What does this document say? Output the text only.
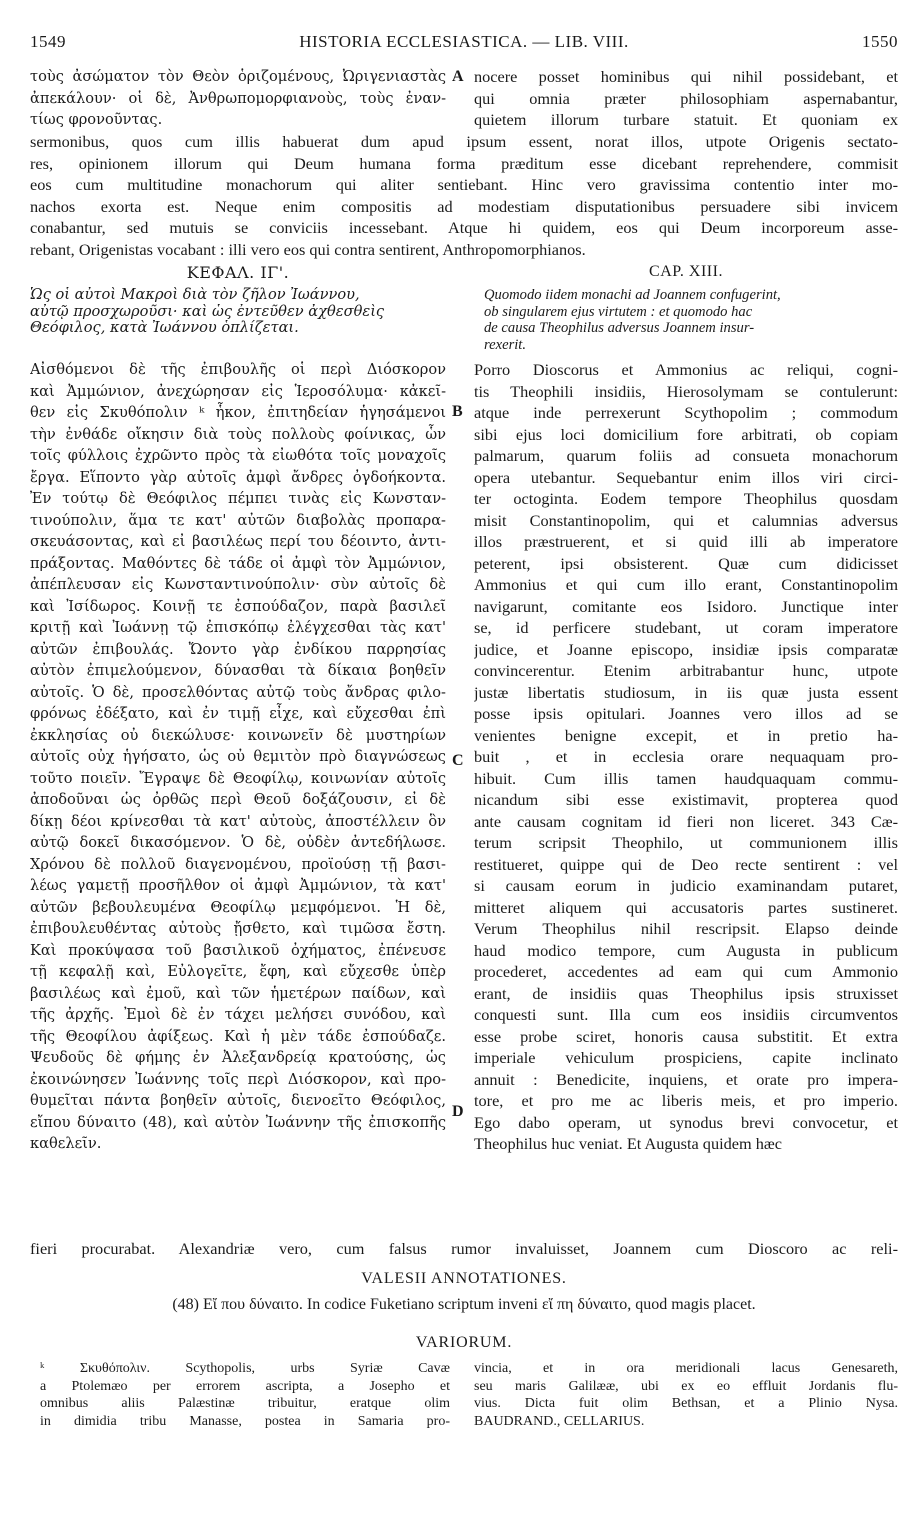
1549	HISTORIA ECCLESIASTICA. — LIB. VIII.	1550
τοὺς ἀσώματον τὸν Θεὸν ὁριζομένους, Ὠριγενιαστὰς
ἀπεκάλουν· οἱ δὲ, Ἀνθρωπομορφιανοὺς, τοὺς ἐναν-
τίως φρονοῦντας.
A nocere posset hominibus qui nihil possidebant, et
qui omnia præter philosophiam aspernabantur,
quietem illorum turbare statuit. Et quoniam ex
sermonibus, quos cum illis habuerat dum apud ipsum essent, norat illos, utpote Origenis sectato-
res, opinionem illorum qui Deum humana forma præditum esse dicebant reprehendere, commisit
eos cum multitudine monachorum qui aliter sentiebant. Hinc vero gravissima contentio inter mo-
nachos exorta est. Neque enim compositis ad modestiam disputationibus persuadere sibi invicem
conabantur, sed mutuis se conviciis incessebant. Atque hi quidem, eos qui Deum incorporeum asse-
rebant, Origenistas vocabant : illi vero eos qui contra sentirent, Anthropomorphianos.
ΚΕΦΑΛ. ΙΓ'.	CAP. XIII.
Ὡς οἱ αὐτοὶ Μακροὶ διὰ τὸν ζῆλον Ἰωάννου,
αὐτῷ προσχωροῦσι· καὶ ὡς ἐντεῦθεν ἀχθεσθεὶς
Θεόφιλος, κατὰ Ἰωάννου ὁπλίζεται.
Quomodo iidem monachi ad Joannem confugerint,
ob singularem ejus virtutem : et quomodo hac
de causa Theophilus adversus Joannem insur-
rexerit.
Αἰσθόμενοι δὲ τῆς ἐπιβουλῆς οἱ περὶ Διόσκορον
καὶ Ἀμμώνιον, ἀνεχώρησαν εἰς Ἱεροσόλυμα· κἀκεῖ-
θεν εἰς Σκυθόπολιν ᵏ ἧκον, ἐπιτηδείαν ἡγησάμενοι
τὴν ἐνθάδε οἴκησιν διὰ τοὺς πολλοὺς φοίνικας, ὧν
τοῖς φύλλοις ἐχρῶντο πρὸς τὰ εἰωθότα τοῖς μοναχοῖς
ἔργα. Εἵποντο γὰρ αὐτοῖς ἀμφὶ ἄνδρες ὀγδοήκοντα.
Ἐν τούτῳ δὲ Θεόφιλος πέμπει τινὰς εἰς Κωνσταν-
τινούπολιν, ἅμα τε κατ' αὐτῶν διαβολὰς προπαρα-
σκευάσοντας, καὶ εἰ βασιλέως περί του δέοιντο, ἀντι-
πράξοντας. Μαθόντες δὲ τάδε οἱ ἀμφὶ τὸν Ἀμμώνιον,
ἀπέπλευσαν εἰς Κωνσταντινούπολιν· σὺν αὐτοῖς δὲ
καὶ Ἰσίδωρος. Κοινῇ τε ἐσπούδαζον, παρὰ βασιλεῖ
κριτῇ καὶ Ἰωάννῃ τῷ ἐπισκόπῳ ἐλέγχεσθαι τὰς κατ'
αὐτῶν ἐπιβουλάς. Ὤοντο γὰρ ἐνδίκου παρρησίας
αὐτὸν ἐπιμελούμενον, δύνασθαι τὰ δίκαια βοηθεῖν
αὐτοῖς. Ὁ δὲ, προσελθόντας αὐτῷ τοὺς ἄνδρας φιλο-
φρόνως ἐδέξατο, καὶ ἐν τιμῇ εἶχε, καὶ εὔχεσθαι ἐπὶ
ἐκκλησίας οὐ διεκώλυσε· κοινωνεῖν δὲ μυστηρίων
αὐτοῖς οὐχ ἡγήσατο, ὡς οὐ θεμιτὸν πρὸ διαγνώσεως
τοῦτο ποιεῖν. Ἔγραψε δὲ Θεοφίλῳ, κοινωνίαν αὐτοῖς
ἀποδοῦναι ὡς ὀρθῶς περὶ Θεοῦ δοξάζουσιν, εἰ δὲ
δίκῃ δέοι κρίνεσθαι τὰ κατ' αὐτοὺς, ἀποστέλλειν ὃν
αὐτῷ δοκεῖ δικασόμενον. Ὁ δὲ, οὐδὲν ἀντεδήλωσε.
Χρόνου δὲ πολλοῦ διαγενομένου, προϊούσῃ τῇ βασι-
λέως γαμετῇ προσῆλθον οἱ ἀμφὶ Ἀμμώνιον, τὰ κατ'
αὐτῶν βεβουλευμένα Θεοφίλῳ μεμφόμενοι. Ἡ δὲ,
ἐπιβουλευθέντας αὐτοὺς ᾔσθετο, καὶ τιμῶσα ἔστη.
Καὶ προκύψασα τοῦ βασιλικοῦ ὀχήματος, ἐπένευσε
τῇ κεφαλῇ καὶ, Εὐλογεῖτε, ἔφη, καὶ εὔχεσθε ὑπὲρ
βασιλέως καὶ ἐμοῦ, καὶ τῶν ἡμετέρων παίδων, καὶ
τῆς ἀρχῆς. Ἐμοὶ δὲ ἐν τάχει μελήσει συνόδου, καὶ
τῆς Θεοφίλου ἀφίξεως. Καὶ ἡ μὲν τάδε ἐσπούδαζε.
Ψευδοῦς δὲ φήμης ἐν Ἀλεξανδρείᾳ κρατούσης, ὡς
ἐκοινώνησεν Ἰωάννης τοῖς περὶ Διόσκορον, καὶ προ-
θυμεῖται πάντα βοηθεῖν αὐτοῖς, διενοεῖτο Θεόφιλος,
εἴπου δύναιτο (48), καὶ αὐτὸν Ἰωάννην τῆς ἐπισκοπῆς
καθελεῖν.
B
C
D
Porro Dioscorus et Ammonius ac reliqui, cogni-
tis Theophili insidiis, Hierosolymam se contulerunt:
atque inde perrexerunt Scythopolim ; commodum
sibi ejus loci domicilium fore arbitrati, ob copiam
palmarum, quarum foliis ad consueta monachorum
opera utebantur. Sequebantur enim illos viri circi-
ter octoginta. Eodem tempore Theophilus quosdam
misit Constantinopolim, qui et calumnias adversus
illos præstruerent, et si quid illi ab imperatore
peterent, ipsi obsisterent. Quæ cum didicisset
Ammonius et qui cum illo erant, Constantinopolim
navigarunt, comitante eos Isidoro. Junctique inter
se, id perficere studebant, ut coram imperatore
judice, et Joanne episcopo, insidiæ ipsis comparatæ
convincerentur. Etenim arbitrabantur hunc, utpote
justæ libertatis studiosum, in iis quæ justa essent
posse ipsis opitulari. Joannes vero illos ad se
venientes benigne excepit, et in pretio ha-
buit , et in ecclesia orare nequaquam pro-
hibuit. Cum illis tamen haudquaquam commu-
nicandum sibi esse existimavit, propterea quod
ante causam cognitam id fieri non liceret. 343 Cæ-
terum scripsit Theophilo, ut communionem illis
restitueret, quippe qui de Deo recte sentirent : vel
si causam eorum in judicio examinandam putaret,
mitteret aliquem qui accusatoris partes sustineret.
Verum Theophilus nihil rescripsit. Elapso deinde
haud modico tempore, cum Augusta in publicum
procederet, accedentes ad eam qui cum Ammonio
erant, de insidiis quas Theophilus ipsis struxisset
conquesti sunt. Illa cum eos insidiis circumventos
esse probe sciret, honoris causa substitit. Et extra
imperiale vehiculum prospiciens, capite inclinato
annuit : Benedicite, inquiens, et orate pro impera-
tore, et pro me ac liberis meis, et pro imperio.
Ego dabo operam, ut synodus brevi convocetur, et
Theophilus huc veniat. Et Augusta quidem hæc
fieri procurabat. Alexandriæ vero, cum falsus rumor invaluisset, Joannem cum Dioscoro ac reli-
VALESII ANNOTATIONES.
(48) Εἴ που δύναιτο. In codice Fuketiano scriptum inveni εἴ πη δύναιτο, quod magis placet.
VARIORUM.
ᵏ Σκυθόπολιν. Scythopolis, urbs Syriæ Cavæ
a Ptolemæo per errorem ascripta, a Josepho et
omnibus aliis Palæstinæ tribuitur, eratque olim
in dimidia tribu Manasse, postea in Samaria pro-
vincia, et in ora meridionali lacus Genesareth,
seu maris Galilææ, ubi ex eo effluit Jordanis flu-
vius. Dicta fuit olim Bethsan, et a Plinio Nysa.
BAUDRAND., CELLARIUS.
